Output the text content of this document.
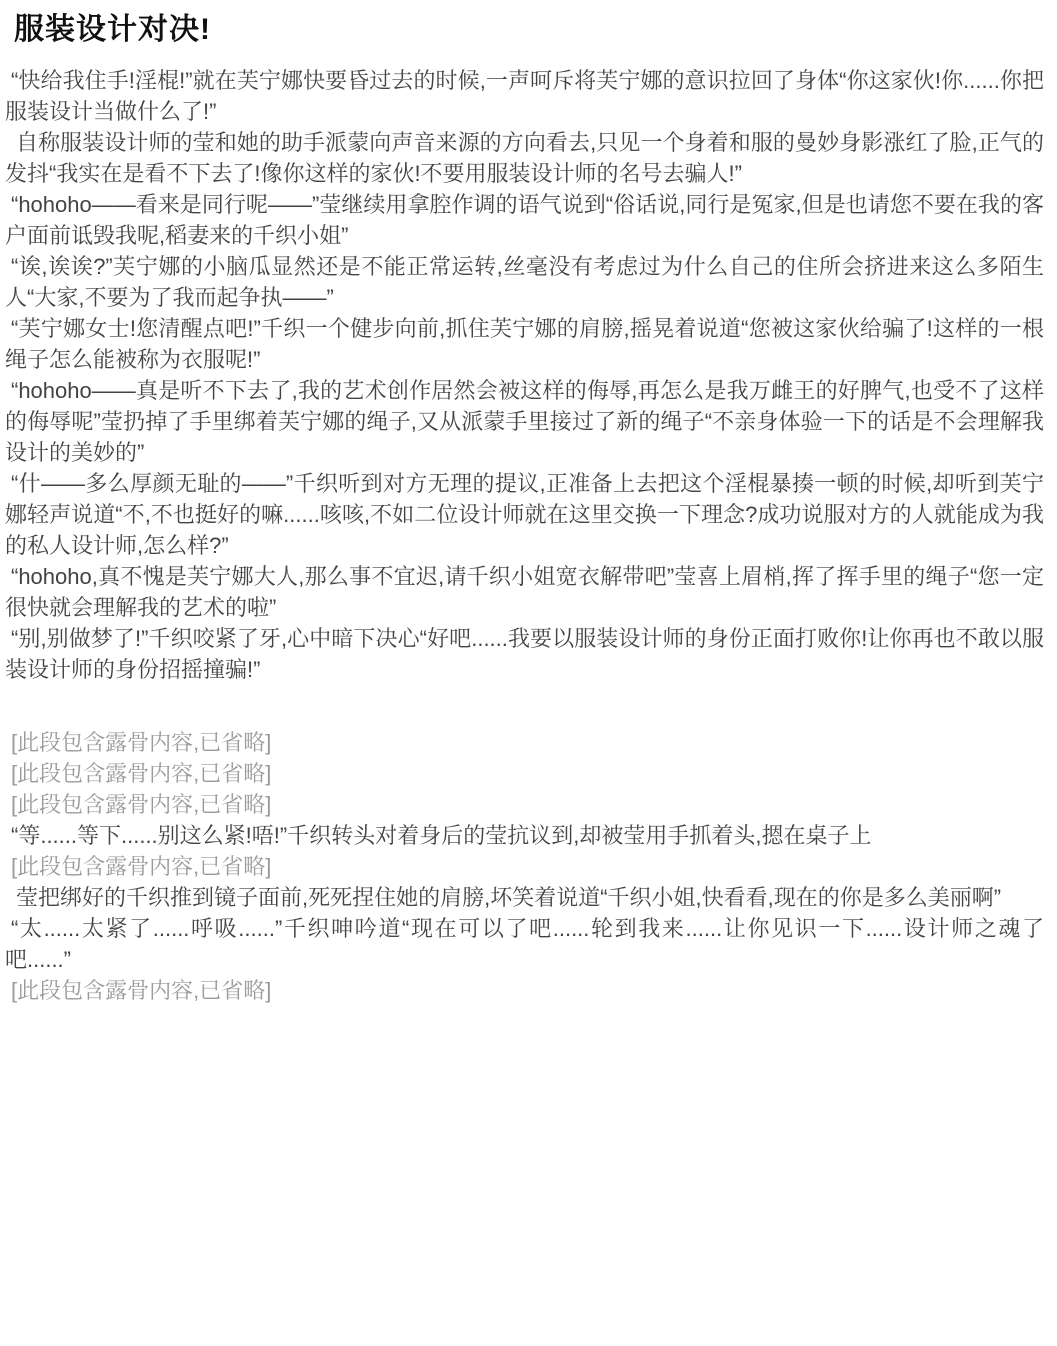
服装设计对决!

“快给我住手!淫棍!”就在芙宁娜快要昏过去的时候,一声呵斥将芙宁娜的意识拉回了身体“你这家伙!你......你把服装设计当做什么了!”

自称服装设计师的莹和她的助手派蒙向声音来源的方向看去,只见一个身着和服的曼妙身影涨红了脸,正气的发抖“我实在是看不下去了!像你这样的家伙!不要用服装设计师的名号去骗人!”

“hohoho——看来是同行呢——”莹继续用拿腔作调的语气说到“俗话说,同行是冤家,但是也请您不要在我的客户面前诋毁我呢,稻妻来的千织小姐”

“诶,诶诶?”芙宁娜的小脑瓜显然还是不能正常运转,丝毫没有考虑过为什么自己的住所会挤进来这么多陌生人“大家,不要为了我而起争执——”

“芙宁娜女士!您清醒点吧!”千织一个健步向前,抓住芙宁娜的肩膀,摇晃着说道“您被这家伙给骗了!这样的一根绳子怎么能被称为衣服呢!”

“hohoho——真是听不下去了,我的艺术创作居然会被这样的侮辱,再怎么是我万雌王的好脾气,也受不了这样的侮辱呢”莹扔掉了手里绑着芙宁娜的绳子,又从派蒙手里接过了新的绳子“不亲身体验一下的话是不会理解我设计的美妙的”

“什——多么厚颜无耻的——”千织听到对方无理的提议,正准备上去把这个淫棍暴揍一顿的时候,却听到芙宁娜轻声说道“不,不也挺好的嘛......咳咳,不如二位设计师就在这里交换一下理念?成功说服对方的人就能成为我的私人设计师,怎么样?”

“hohoho,真不愧是芙宁娜大人,那么事不宜迟,请千织小姐宽衣解带吧”莹喜上眉梢,挥了挥手里的绳子“您一定很快就会理解我的艺术的啦”

“别,别做梦了!”千织咬紧了牙,心中暗下决心“好吧......我要以服装设计师的身份正面打败你!让你再也不敢以服装设计师的身份招摇撞骗!”

[此段包含露骨内容,已省略]

[此段包含露骨内容,已省略]

[此段包含露骨内容,已省略]

“等......等下......别这么紧!唔!”千织转头对着身后的莹抗议到,却被莹用手抓着头,摁在桌子上

[此段包含露骨内容,已省略]

莹把绑好的千织推到镜子面前,死死捏住她的肩膀,坏笑着说道“千织小姐,快看看,现在的你是多么美丽啊”

“太......太紧了......呼吸......”千织呻吟道“现在可以了吧......轮到我来......让你见识一下......设计师之魂了吧......”

[此段包含露骨内容,已省略]
